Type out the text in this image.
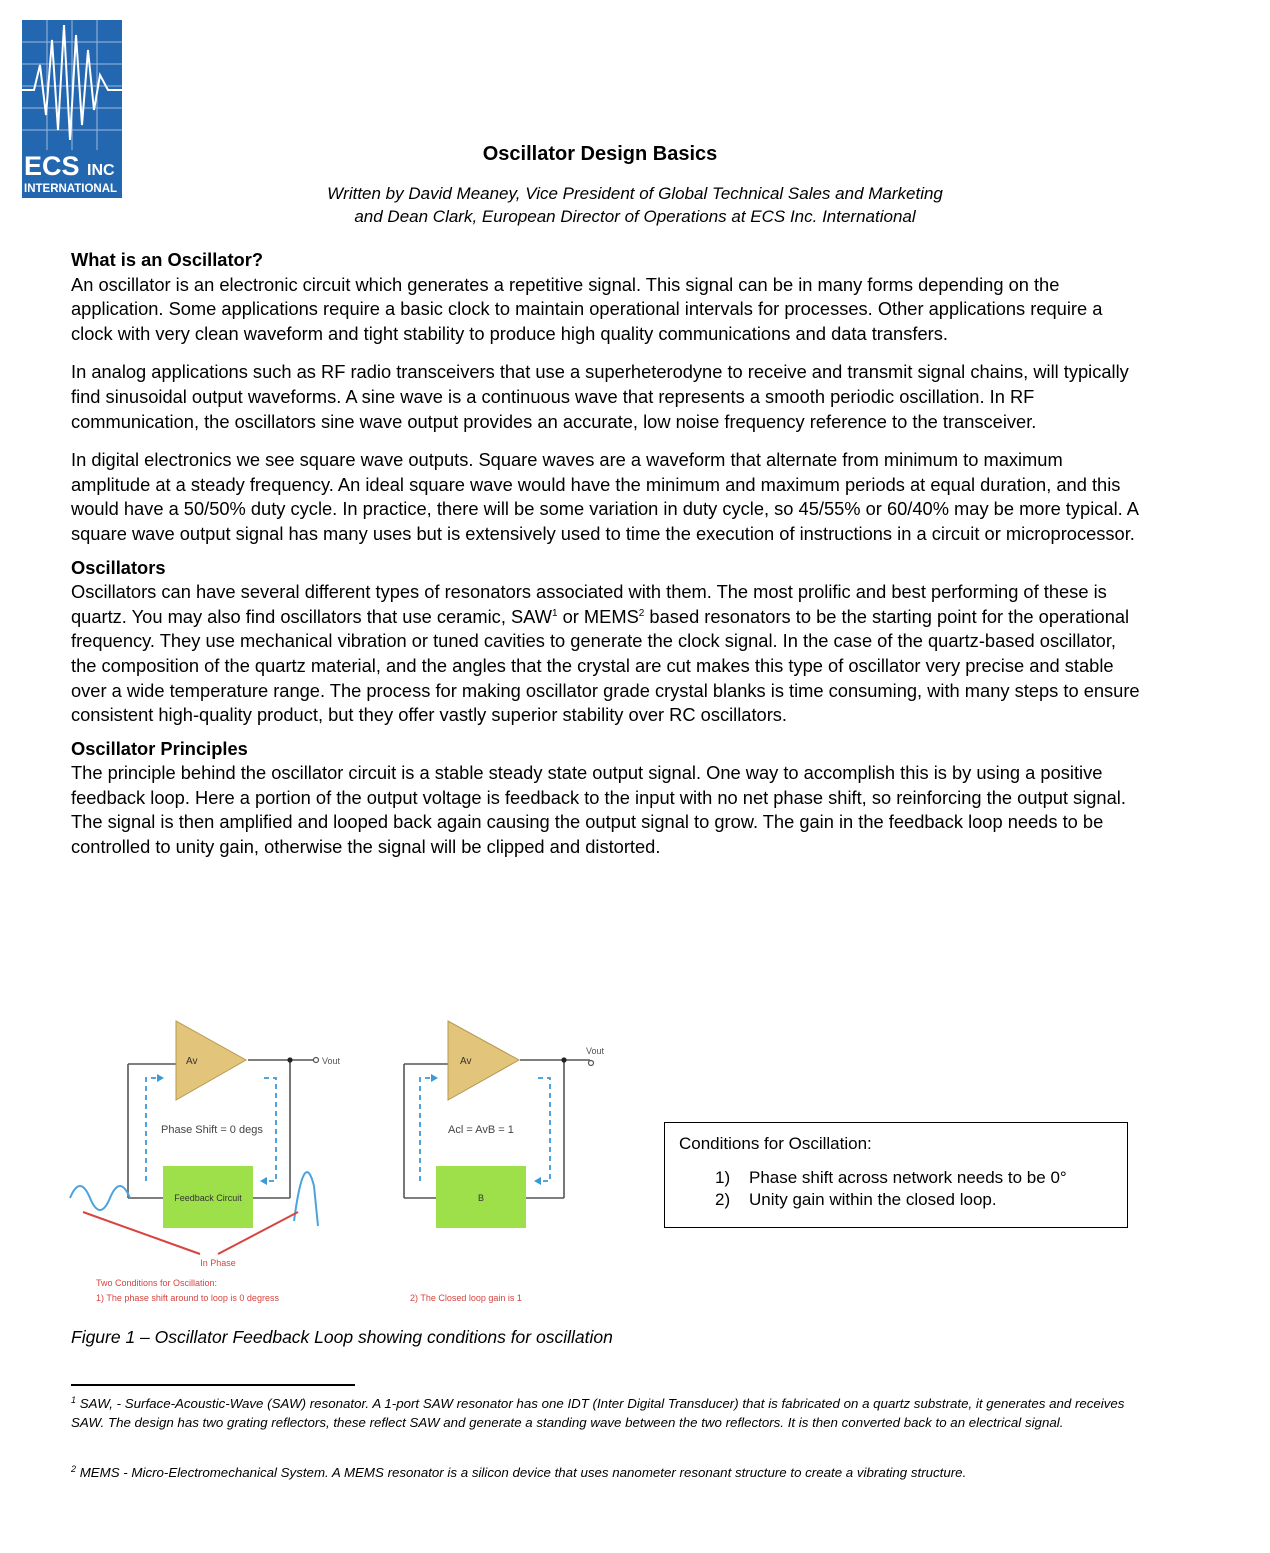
ECS INC
INTERNATIONAL
Oscillator Design Basics
Written by David Meaney, Vice President of Global Technical Sales and Marketing
and Dean Clark, European Director of Operations at ECS Inc. International
What is an Oscillator?

An oscillator is an electronic circuit which generates a repetitive signal. This signal can be in many forms depending on the application. Some applications require a basic clock to maintain operational intervals for processes. Other applications require a clock with very clean waveform and tight stability to produce high quality communications and data transfers.

In analog applications such as RF radio transceivers that use a superheterodyne to receive and transmit signal chains, will typically find sinusoidal output waveforms. A sine wave is a continuous wave that represents a smooth periodic oscillation. In RF communication, the oscillators sine wave output provides an accurate, low noise frequency reference to the transceiver.

In digital electronics we see square wave outputs. Square waves are a waveform that alternate from minimum to maximum amplitude at a steady frequency. An ideal square wave would have the minimum and maximum periods at equal duration, and this would have a 50/50% duty cycle. In practice, there will be some variation in duty cycle, so 45/55% or 60/40% may be more typical. A square wave output signal has many uses but is extensively used to time the execution of instructions in a circuit or microprocessor.

Oscillators

Oscillators can have several different types of resonators associated with them. The most prolific and best performing of these is quartz. You may also find oscillators that use ceramic, SAW$^1$ or MEMS$^2$ based resonators to be the starting point for the operational frequency. They use mechanical vibration or tuned cavities to generate the clock signal. In the case of the quartz-based oscillator, the composition of the quartz material, and the angles that the crystal are cut makes this type of oscillator very precise and stable over a wide temperature range. The process for making oscillator grade crystal blanks is time consuming, with many steps to ensure consistent high-quality product, but they offer vastly superior stability over RC oscillators.

Oscillator Principles

The principle behind the oscillator circuit is a stable steady state output signal. One way to accomplish this is by using a positive feedback loop. Here a portion of the output voltage is feedback to the input with no net phase shift, so reinforcing the output signal. The signal is then amplified and looped back again causing the output signal to grow. The gain in the feedback loop needs to be controlled to unity gain, otherwise the signal will be clipped and distorted.

Av
Feedback Circuit
Phase Shift = 0 degs
Vout
In Phase
Two Conditions for Oscillation:
1) The phase shift around to loop is 0 degress
Av
B
Acl = AvB = 1
Vout
2) The Closed loop gain is 1
Conditions for Oscillation:
1)	Phase shift across network needs to be 0°
2)	Unity gain within the closed loop.
Figure 1 – Oscillator Feedback Loop showing conditions for oscillation
$^1$ SAW, - Surface-Acoustic-Wave (SAW) resonator. A 1-port SAW resonator has one IDT (Inter Digital Transducer) that is fabricated on a quartz substrate, it generates and receives SAW. The design has two grating reflectors, these reflect SAW and generate a standing wave between the two reflectors. It is then converted back to an electrical signal.
$^2$ MEMS - Micro-Electromechanical System. A MEMS resonator is a silicon device that uses nanometer resonant structure to create a vibrating structure.
